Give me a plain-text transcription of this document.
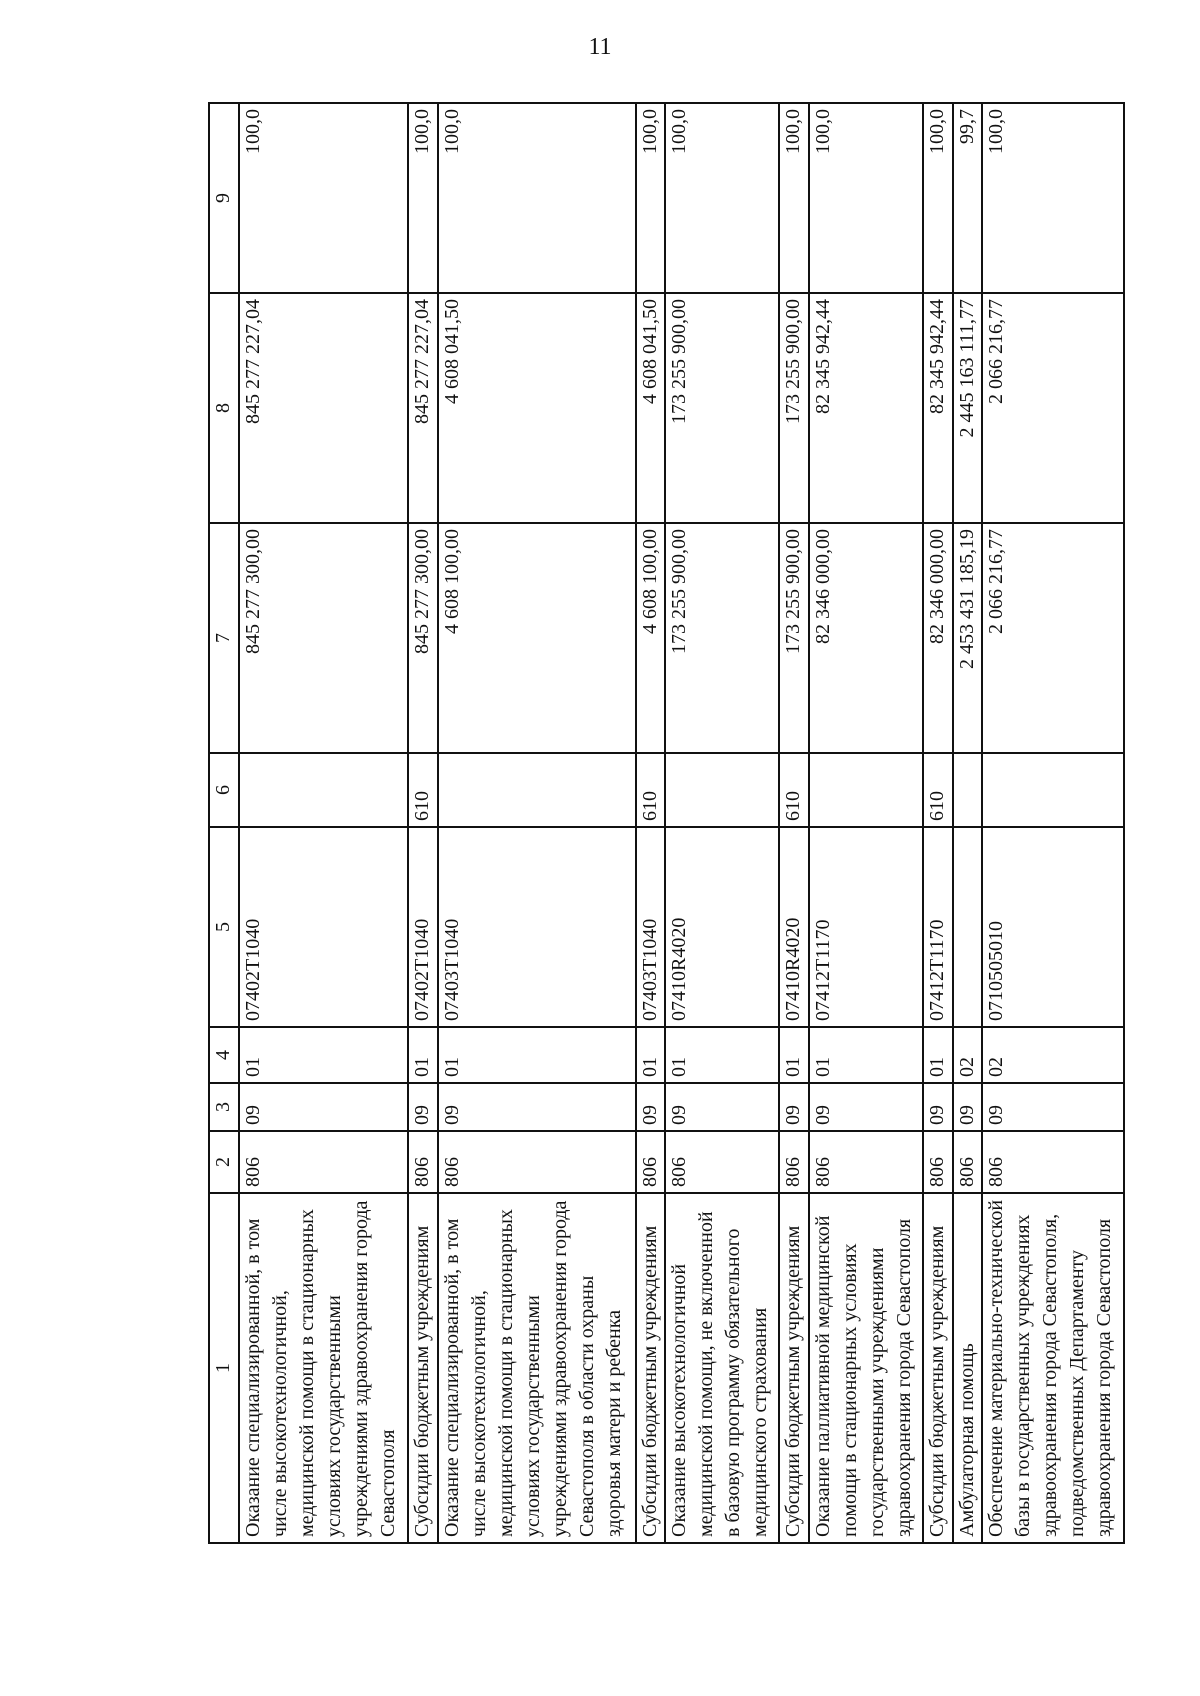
11
1	2	3	4	5	6	7	8	9
Оказание специализированной, в том числе высокотехнологичной, медицинской помощи в стационарных условиях государственными учреждениями здравоохранения города Севастополя	806	09	01	07402T1040		845 277 300,00	845 277 227,04	100,0
Субсидии бюджетным учреждениям	806	09	01	07402T1040	610	845 277 300,00	845 277 227,04	100,0
Оказание специализированной, в том числе высокотехнологичной, медицинской помощи в стационарных условиях государственными учреждениями здравоохранения города Севастополя в области охраны здоровья матери и ребенка	806	09	01	07403T1040		4 608 100,00	4 608 041,50	100,0
Субсидии бюджетным учреждениям	806	09	01	07403T1040	610	4 608 100,00	4 608 041,50	100,0
Оказание высокотехнологичной медицинской помощи, не включенной в базовую программу обязательного медицинского страхования	806	09	01	07410R4020		173 255 900,00	173 255 900,00	100,0
Субсидии бюджетным учреждениям	806	09	01	07410R4020	610	173 255 900,00	173 255 900,00	100,0
Оказание паллиативной медицинской помощи в стационарных условиях государственными учреждениями здравоохранения города Севастополя	806	09	01	07412T1170		82 346 000,00	82 345 942,44	100,0
Субсидии бюджетным учреждениям	806	09	01	07412T1170	610	82 346 000,00	82 345 942,44	100,0
Амбулаторная помощь	806	09	02			2 453 431 185,19	2 445 163 111,77	99,7
Обеспечение материально-технической базы в государственных учреждениях здравоохранения города Севастополя, подведомственных Департаменту здравоохранения города Севастополя	806	09	02	0710505010		2 066 216,77	2 066 216,77	100,0
